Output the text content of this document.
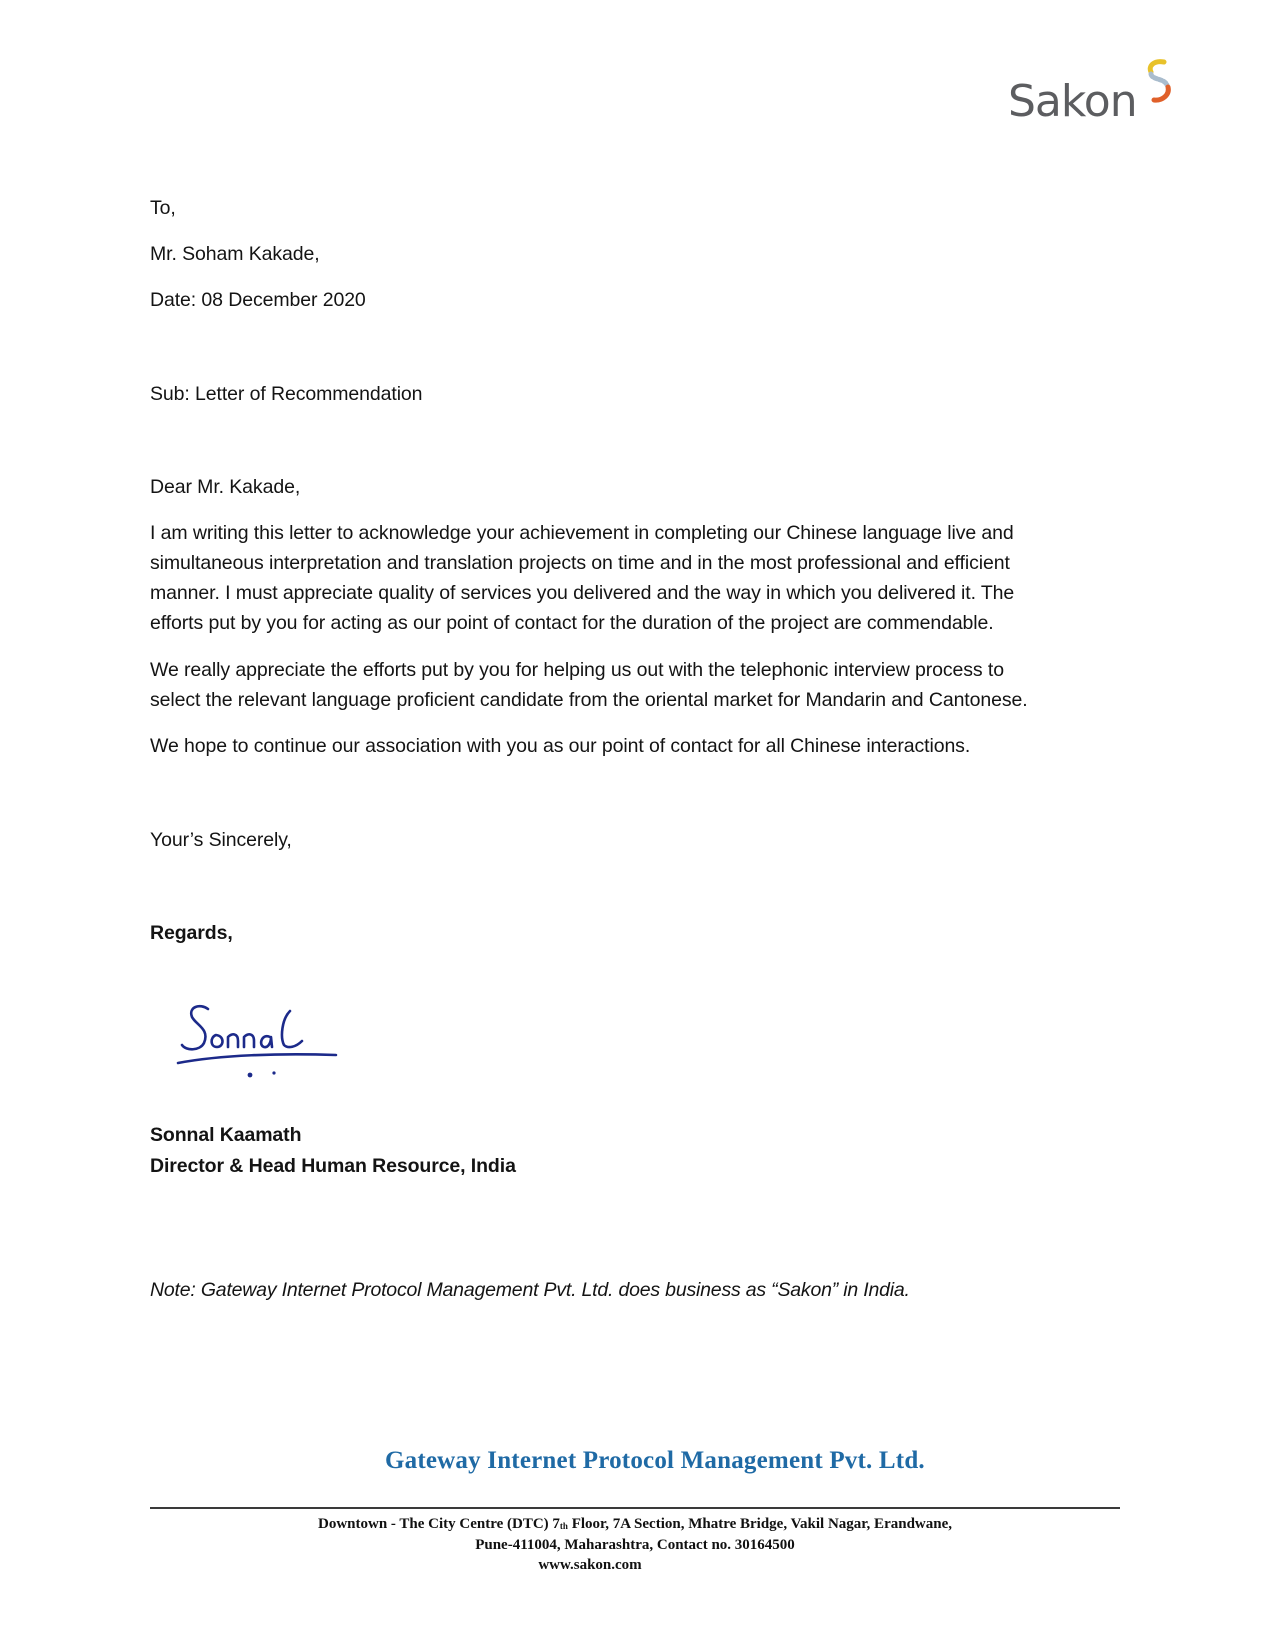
Sakon
To,
Mr. Soham Kakade,
Date: 08 December 2020
Sub: Letter of Recommendation
Dear Mr. Kakade,
I am writing this letter to acknowledge your achievement in completing our Chinese language live and
simultaneous interpretation and translation projects on time and in the most professional and efficient
manner. I must appreciate quality of services you delivered and the way in which you delivered it. The
efforts put by you for acting as our point of contact for the duration of the project are commendable.
We really appreciate the efforts put by you for helping us out with the telephonic interview process to
select the relevant language proficient candidate from the oriental market for Mandarin and Cantonese.
We hope to continue our association with you as our point of contact for all Chinese interactions.
Your’s Sincerely,
Regards,
Sonnal Kaamath
Director & Head Human Resource, India
Note: Gateway Internet Protocol Management Pvt. Ltd. does business as “Sakon” in India.
Gateway Internet Protocol Management Pvt. Ltd.
Downtown - The City Centre (DTC) $7_{th}$ Floor, 7A Section, Mhatre Bridge, Vakil Nagar, Erandwane,
Pune-411004, Maharashtra, Contact no. 30164500
www.sakon.com
